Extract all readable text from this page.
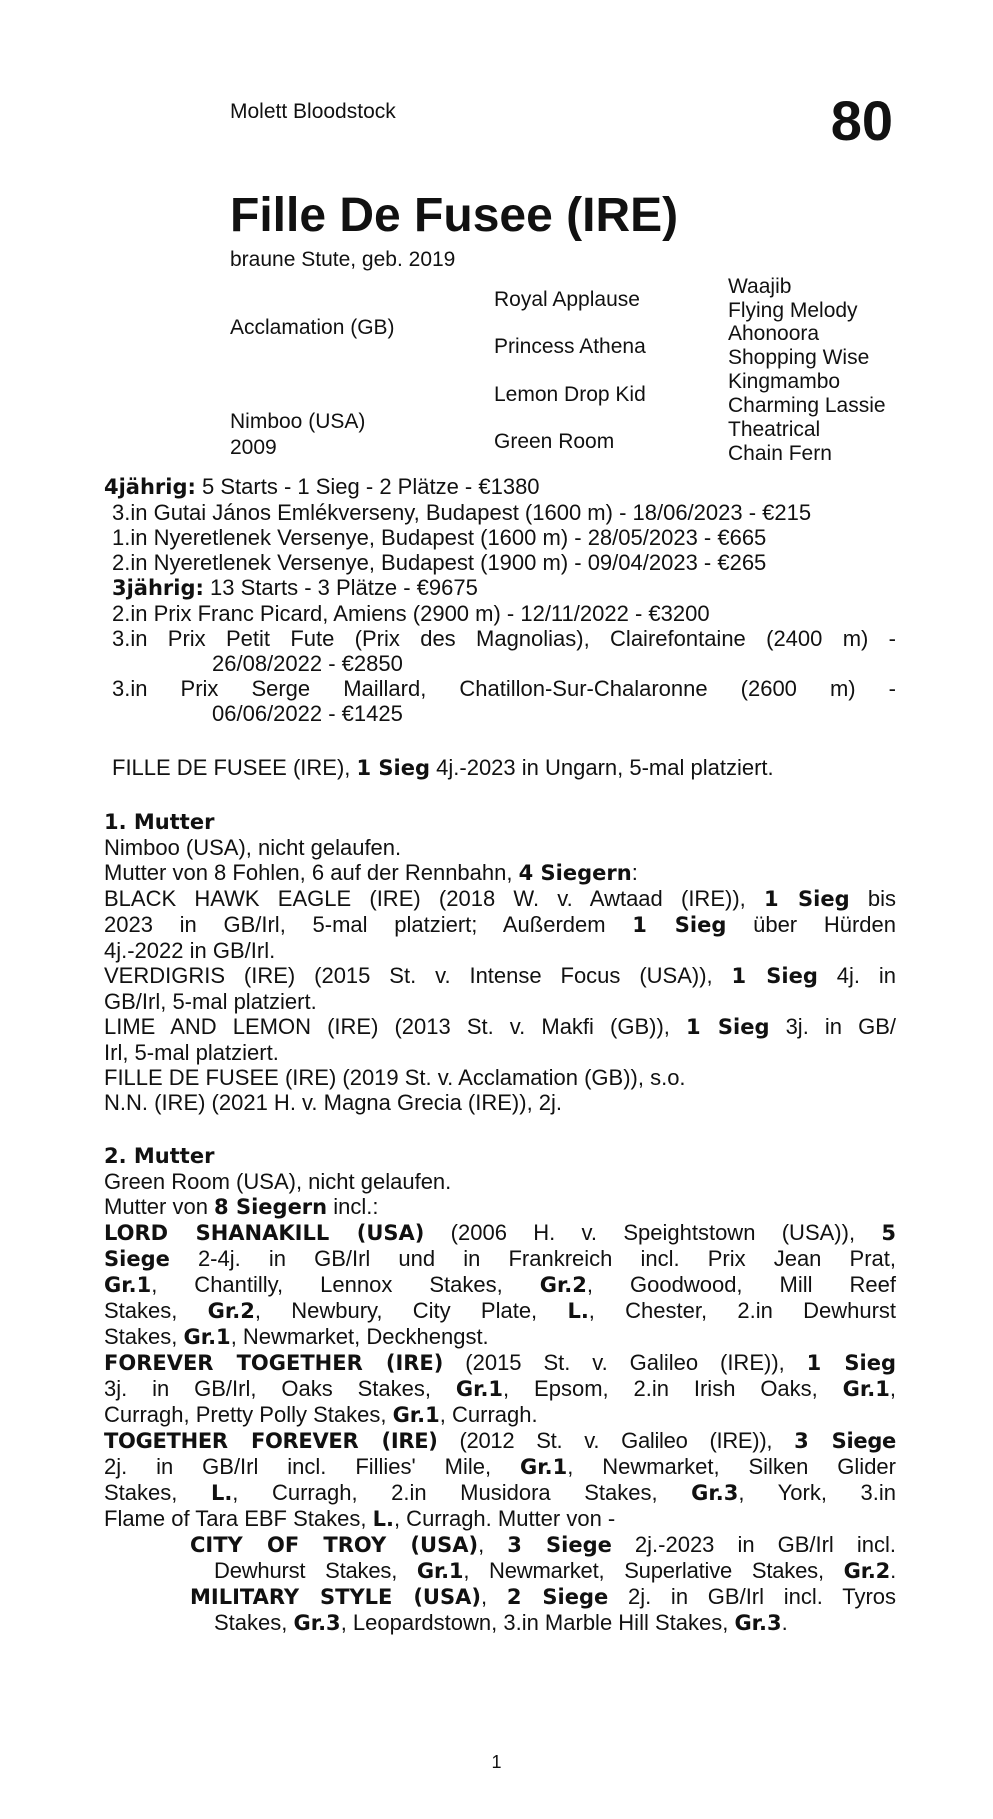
Molett Bloodstock	80
Fille De Fusee (IRE)
braune Stute, geb. 2019
Acclamation (GB)
Nimboo (USA)
2009
Royal Applause
Princess Athena
Lemon Drop Kid
Green Room
Waajib
Flying Melody
Ahonoora
Shopping Wise
Kingmambo
Charming Lassie
Theatrical
Chain Fern

4jährig: 5 Starts - 1 Sieg - 2 Plätze - €1380

3.in Gutai János Emlékverseny, Budapest (1600 m) - 18/06/2023 - €215

1.in Nyeretlenek Versenye, Budapest (1600 m) - 28/05/2023 - €665

2.in Nyeretlenek Versenye, Budapest (1900 m) - 09/04/2023 - €265

3jährig: 13 Starts - 3 Plätze - €9675

2.in Prix Franc Picard, Amiens (2900 m) - 12/11/2022 - €3200

3.in Prix Petit Fute (Prix des Magnolias), Clairefontaine (2400 m) -

26/08/2022 - €2850

3.in Prix Serge Maillard, Chatillon-Sur-Chalaronne (2600 m) -

06/06/2022 - €1425

FILLE DE FUSEE (IRE), 1 Sieg 4j.-2023 in Ungarn, 5-mal platziert.

1. Mutter

Nimboo (USA), nicht gelaufen.

Mutter von 8 Fohlen, 6 auf der Rennbahn, 4 Siegern:

BLACK HAWK EAGLE (IRE) (2018 W. v. Awtaad (IRE)), 1 Sieg bis

2023 in GB/Irl, 5-mal platziert; Außerdem 1 Sieg über Hürden

4j.-2022 in GB/Irl.

VERDIGRIS (IRE) (2015 St. v. Intense Focus (USA)), 1 Sieg 4j. in

GB/Irl, 5-mal platziert.

LIME AND LEMON (IRE) (2013 St. v. Makfi (GB)), 1 Sieg 3j. in GB/

Irl, 5-mal platziert.

FILLE DE FUSEE (IRE) (2019 St. v. Acclamation (GB)), s.o.

N.N. (IRE) (2021 H. v. Magna Grecia (IRE)), 2j.

2. Mutter

Green Room (USA), nicht gelaufen.

Mutter von 8 Siegern incl.:

LORD SHANAKILL (USA) (2006 H. v. Speightstown (USA)), 5

Siege 2-4j. in GB/Irl und in Frankreich incl. Prix Jean Prat,

Gr.1, Chantilly, Lennox Stakes, Gr.2, Goodwood, Mill Reef

Stakes, Gr.2, Newbury, City Plate, L., Chester, 2.in Dewhurst

Stakes, Gr.1, Newmarket, Deckhengst.

FOREVER TOGETHER (IRE) (2015 St. v. Galileo (IRE)), 1 Sieg

3j. in GB/Irl, Oaks Stakes, Gr.1, Epsom, 2.in Irish Oaks, Gr.1,

Curragh, Pretty Polly Stakes, Gr.1, Curragh.

TOGETHER FOREVER (IRE) (2012 St. v. Galileo (IRE)), 3 Siege

2j. in GB/Irl incl. Fillies' Mile, Gr.1, Newmarket, Silken Glider

Stakes, L., Curragh, 2.in Musidora Stakes, Gr.3, York, 3.in

Flame of Tara EBF Stakes, L., Curragh. Mutter von -

CITY OF TROY (USA), 3 Siege 2j.-2023 in GB/Irl incl.

Dewhurst Stakes, Gr.1, Newmarket, Superlative Stakes, Gr.2.

MILITARY STYLE (USA), 2 Siege 2j. in GB/Irl incl. Tyros

Stakes, Gr.3, Leopardstown, 3.in Marble Hill Stakes, Gr.3.

1
